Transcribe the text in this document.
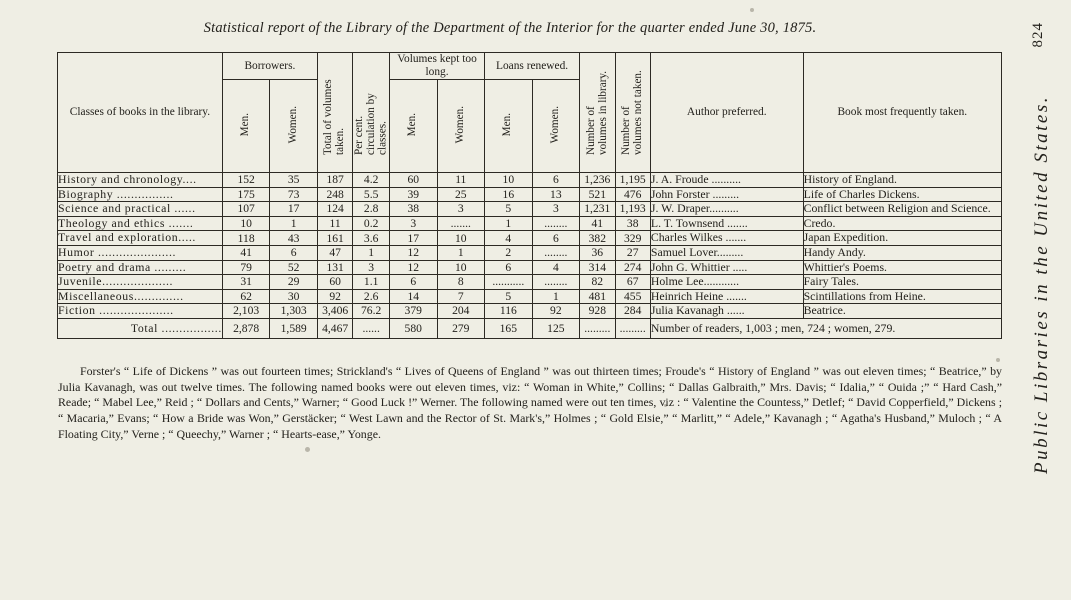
Statistical report of the Library of the Department of the Interior for the quarter ended June 30, 1875.	824
Public Libraries in the United States.
Classes of books in the library.	Borrowers.		Total of volumes taken.	Per cent. circulation by classes.	Volumes kept too long.		Loans renewed.		Number of volumes in library.	Number of volumes not taken.	Author preferred.	Book most frequently taken.
	Men.	Women.			Men.	Women.	Men.	Women.				
History and chronology....	152	35	187	4.2	60	11	10	6	1,236	1,195	J. A. Froude ..........	History of England.
Biography ................	175	73	248	5.5	39	25	16	13	521	476	John Forster .........	Life of Charles Dickens.
Science and practical ......	107	17	124	2.8	38	3	5	3	1,231	1,193	J. W. Draper..........	Conflict between Religion and Science.
Theology and ethics .......	10	1	11	0.2	3	.......	1	........	41	38	L. T. Townsend .......	Credo.
Travel and exploration.....	118	43	161	3.6	17	10	4	6	382	329	Charles Wilkes .......	Japan Expedition.
Humor ......................	41	6	47	1	12	1	2	........	36	27	Samuel Lover.........	Handy Andy.
Poetry and drama .........	79	52	131	3	12	10	6	4	314	274	John G. Whittier .....	Whittier's Poems.
Juvenile....................	31	29	60	1.1	6	8	...........	........	82	67	Holme Lee............	Fairy Tales.
Miscellaneous..............	62	30	92	2.6	14	7	5	1	481	455	Heinrich Heine .......	Scintillations from Heine.
Fiction .....................	2,103	1,303	3,406	76.2	379	204	116	92	928	284	Julia Kavanagh ......	Beatrice.
Total .................	2,878	1,589	4,467	......	580	279	165	125	.........	.........	Number of readers, 1,003 ; men, 724 ; women, 279.	
Forster's “ Life of Dickens ” was out fourteen times; Strickland's “ Lives of Queens of England ” was out thirteen times; Froude's “ History of England ” was out eleven times; “ Beatrice,” by Julia Kavanagh, was out twelve times. The following named books were out eleven times, viz: “ Woman in White,” Collins; “ Dallas Galbraith,” Mrs. Davis; “ Idalia,” “ Ouida ;” “ Hard Cash,” Reade; “ Mabel Lee,” Reid ; “ Dollars and Cents,” Warner; “ Good Luck !” Werner. The following named were out ten times, viz : “ Valentine the Countess,” Detlef; “ David Copperfield,” Dickens ; “ Macaria,” Evans; “ How a Bride was Won,” Gerstäcker; “ West Lawn and the Rector of St. Mark's,” Holmes ; “ Gold Elsie,” “ Marlitt,” “ Adele,” Kavanagh ; “ Agatha's Husband,” Muloch ; “ A Floating City,” Verne ; “ Queechy,” Warner ; “ Hearts-ease,” Yonge.
